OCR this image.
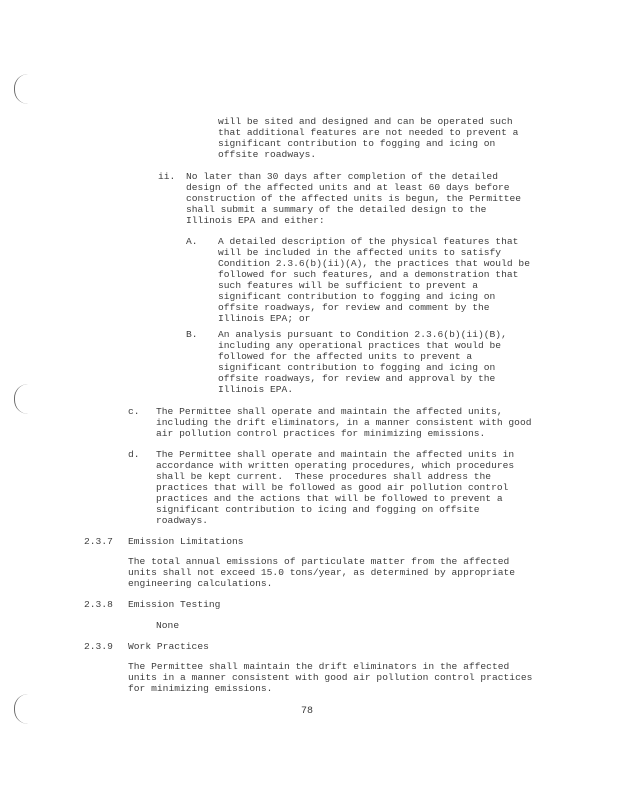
will be sited and designed and can be operated such
that additional features are not needed to prevent a
significant contribution to fogging and icing on
offsite roadways.
ii. No later than 30 days after completion of the detailed
design of the affected units and at least 60 days before
construction of the affected units is begun, the Permittee
shall submit a summary of the detailed design to the
Illinois EPA and either:
A. A detailed description of the physical features that
will be included in the affected units to satisfy
Condition 2.3.6(b)(ii)(A), the practices that would be
followed for such features, and a demonstration that
such features will be sufficient to prevent a
significant contribution to fogging and icing on
offsite roadways, for review and comment by the
Illinois EPA; or
B. An analysis pursuant to Condition 2.3.6(b)(ii)(B),
including any operational practices that would be
followed for the affected units to prevent a
significant contribution to fogging and icing on
offsite roadways, for review and approval by the
Illinois EPA.
c. The Permittee shall operate and maintain the affected units,
including the drift eliminators, in a manner consistent with good
air pollution control practices for minimizing emissions.
d. The Permittee shall operate and maintain the affected units in
accordance with written operating procedures, which procedures
shall be kept current.  These procedures shall address the
practices that will be followed as good air pollution control
practices and the actions that will be followed to prevent a
significant contribution to icing and fogging on offsite
roadways.
2.3.7 Emission Limitations
The total annual emissions of particulate matter from the affected
units shall not exceed 15.0 tons/year, as determined by appropriate
engineering calculations.
2.3.8 Emission Testing
None
2.3.9 Work Practices
The Permittee shall maintain the drift eliminators in the affected
units in a manner consistent with good air pollution control practices
for minimizing emissions.
78
